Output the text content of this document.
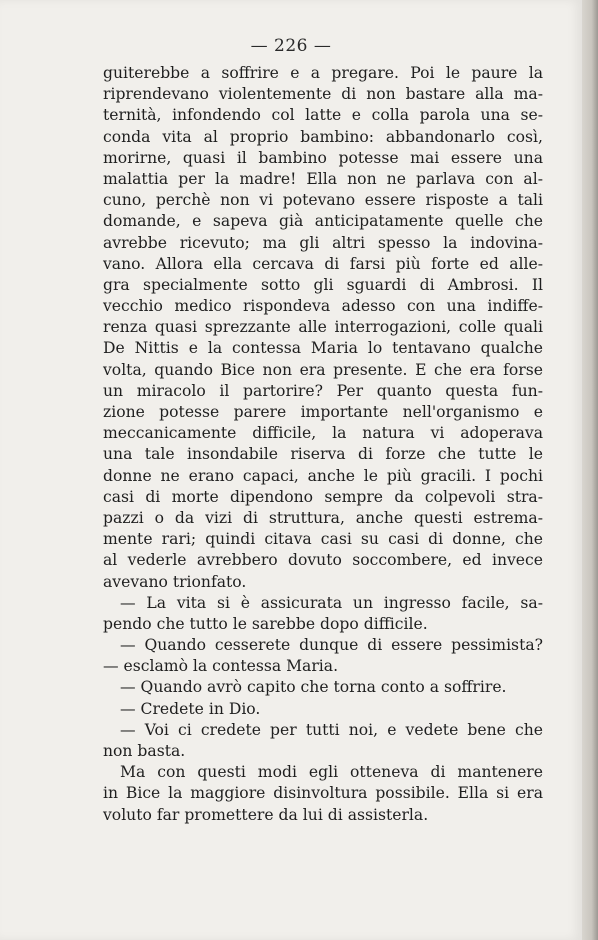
— 226 —
guiterebbe a soffrire e a pregare. Poi le paure la
riprendevano violentemente di non bastare alla ma-
ternità, infondendo col latte e colla parola una se-
conda vita al proprio bambino: abbandonarlo così,
morirne, quasi il bambino potesse mai essere una
malattia per la madre! Ella non ne parlava con al-
cuno, perchè non vi potevano essere risposte a tali
domande, e sapeva già anticipatamente quelle che
avrebbe ricevuto; ma gli altri spesso la indovina-
vano. Allora ella cercava di farsi più forte ed alle-
gra specialmente sotto gli sguardi di Ambrosi. Il
vecchio medico rispondeva adesso con una indiffe-
renza quasi sprezzante alle interrogazioni, colle quali
De Nittis e la contessa Maria lo tentavano qualche
volta, quando Bice non era presente. E che era forse
un miracolo il partorire? Per quanto questa fun-
zione potesse parere importante nell'organismo e
meccanicamente difficile, la natura vi adoperava
una tale insondabile riserva di forze che tutte le
donne ne erano capaci, anche le più gracili. I pochi
casi di morte dipendono sempre da colpevoli stra-
pazzi o da vizi di struttura, anche questi estrema-
mente rari; quindi citava casi su casi di donne, che
al vederle avrebbero dovuto soccombere, ed invece
avevano trionfato.
— La vita si è assicurata un ingresso facile, sa-
pendo che tutto le sarebbe dopo difficile.
— Quando cesserete dunque di essere pessimista?
— esclamò la contessa Maria.
— Quando avrò capito che torna conto a soffrire.
— Credete in Dio.
— Voi ci credete per tutti noi, e vedete bene che
non basta.
Ma con questi modi egli otteneva di mantenere
in Bice la maggiore disinvoltura possibile. Ella si era
voluto far promettere da lui di assisterla.
